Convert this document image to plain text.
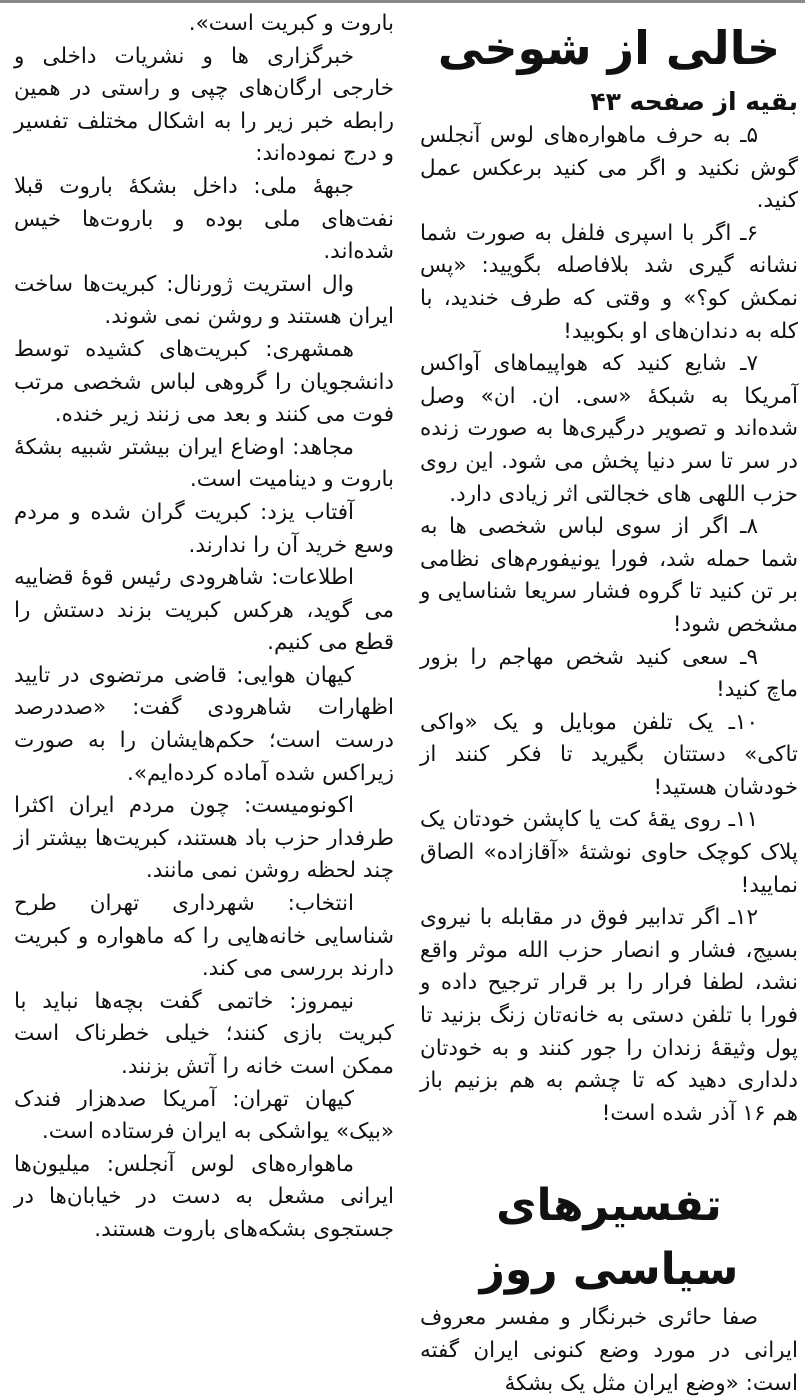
خالی از شوخی

بقیه از صفحه ۴۳

۵ـ به حرف ماهواره‌های لوس آنجلس گوش نکنید و اگر می کنید برعکس عمل کنید.

۶ـ اگر با اسپری فلفل به صورت شما نشانه گیری شد بلافاصله بگویید: «پس نمکش کو؟» و وقتی که طرف خندید، با کله به دندان‌های او بکوبید!

۷ـ شایع کنید که هواپیماهای آواکس آمریکا به شبکهٔ «سی. ان. ان» وصل شده‌اند و تصویر درگیری‌ها به صورت زنده در سر تا سر دنیا پخش می شود. این روی حزب اللهی های خجالتی اثر زیادی دارد.

۸ـ اگر از سوی لباس شخصی ها به شما حمله شد، فورا یونیفورم‌های نظامی بر تن کنید تا گروه فشار سریعا شناسایی و مشخص شود!

۹ـ سعی کنید شخص مهاجم را بزور ماچ کنید!

۱۰ـ یک تلفن موبایل و یک «واکی تاکی» دستتان بگیرید تا فکر کنند از خودشان هستید!

۱۱ـ روی یقهٔ کت یا کاپشن خودتان یک پلاک کوچک حاوی نوشتهٔ «آقازاده» الصاق نمایید!

۱۲ـ اگر تدابیر فوق در مقابله با نیروی بسیج، فشار و انصار حزب الله موثر واقع نشد، لطفا فرار را بر قرار ترجیح داده و فورا با تلفن دستی به خانه‌تان زنگ بزنید تا پول وثیقهٔ زندان را جور کنند و به خودتان دلداری دهید که تا چشم به هم بزنیم باز هم ۱۶ آذر شده است!

تفسیرهای سیاسی روز

صفا حائری خبرنگار و مفسر معروف ایرانی در مورد وضع کنونی ایران گفته است: «وضع ایران مثل یک بشکهٔ

باروت و کبریت است».

خبرگزاری ها و نشریات داخلی و خارجی ارگان‌های چپی و راستی در همین رابطه خبر زیر را به اشکال مختلف تفسیر و درج نموده‌اند:

جبههٔ ملی: داخل بشکهٔ باروت قبلا نفت‌های ملی بوده و باروت‌ها خیس شده‌اند.

وال استریت ژورنال: کبریت‌ها ساخت ایران هستند و روشن نمی شوند.

همشهری: کبریت‌های کشیده توسط دانشجویان را گروهی لباس شخصی مرتب فوت می کنند و بعد می زنند زیر خنده.

مجاهد: اوضاع ایران بیشتر شبیه بشکهٔ باروت و دینامیت است.

آفتاب یزد: کبریت گران شده و مردم وسع خرید آن را ندارند.

اطلاعات: شاهرودی رئیس قوهٔ قضاییه می گوید، هرکس کبریت بزند دستش را قطع می کنیم.

کیهان هوایی: قاضی مرتضوی در تایید اظهارات شاهرودی گفت: «صددرصد درست است؛ حکم‌هایشان را به صورت زیراکس شده آماده کرده‌ایم».

اکونومیست: چون مردم ایران اکثرا طرفدار حزب باد هستند، کبریت‌ها بیشتر از چند لحظه روشن نمی مانند.

انتخاب: شهرداری تهران طرح شناسایی خانه‌هایی را که ماهواره و کبریت دارند بررسی می کند.

نیمروز: خاتمی گفت بچه‌ها نباید با کبریت بازی کنند؛ خیلی خطرناک است ممکن است خانه را آتش بزنند.

کیهان تهران: آمریکا صدهزار فندک «بیک» یواشکی به ایران فرستاده است.

ماهواره‌های لوس آنجلس: میلیون‌ها ایرانی مشعل به دست در خیابان‌ها در جستجوی بشکه‌های باروت هستند.
